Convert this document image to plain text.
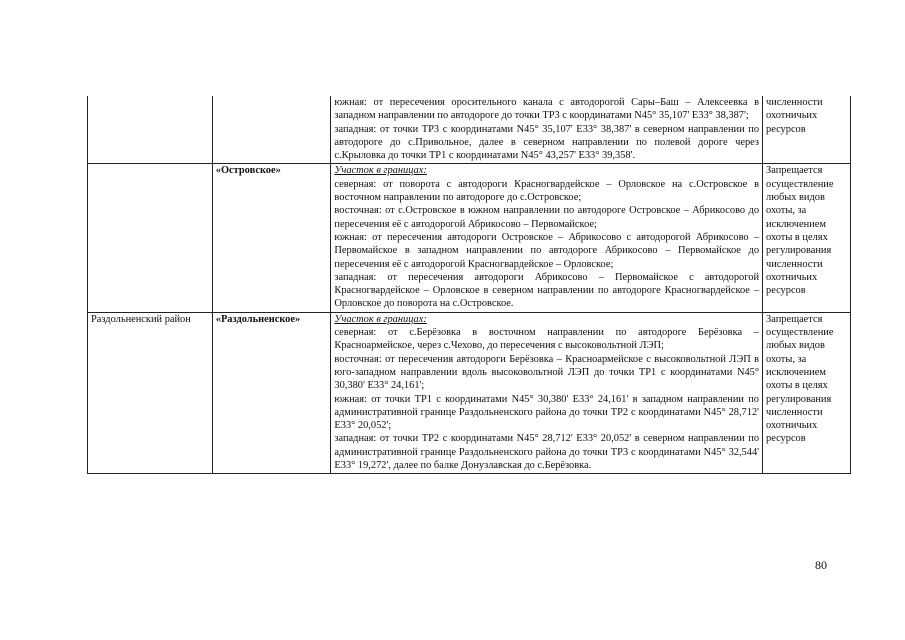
		южная: от пересечения оросительного канала с автодорогой Сары–Баш – Алексеевка в западном направлении по автодороге до точки ТР3 с координатами N45° 35,107' E33° 38,387';
западная: от точки ТР3 с координатами N45° 35,107' E33° 38,387' в северном направлении по автодороге до с.Привольное, далее в северном направлении по полевой дороге через с.Крыловка до точки ТР1 с координатами N45° 43,257' E33° 39,358'.	численности охотничьих ресурсов
	«Островское»	Участок в границах:
северная: от поворота с автодороги Красногвардейское – Орловское на с.Островское в восточном направлении по автодороге до с.Островское;
восточная: от с.Островское в южном направлении по автодороге Островское – Абрикосово до пересечения её с автодорогой Абрикосово – Первомайское;
южная: от пересечения автодороги Островское – Абрикосово с автодорогой Абрикосово – Первомайское в западном направлении по автодороге Абрикосово – Первомайское до пересечения её с автодорогой Красногвардейское – Орловское;
западная: от пересечения автодороги Абрикосово – Первомайское с автодорогой Красногвардейское – Орловское в северном направлении по автодороге Красногвардейское – Орловское до поворота на с.Островское.	Запрещается осуществление любых видов охоты, за исключением охоты в целях регулирования численности охотничьих ресурсов
Раздольненский район	«Раздольненское»	Участок в границах:
северная: от с.Берёзовка в восточном направлении по автодороге Берёзовка – Красноармейское, через с.Чехово, до пересечения с высоковольтной ЛЭП;
восточная: от пересечения автодороги Берёзовка – Красноармейское с высоковольтной ЛЭП в юго-западном направлении вдоль высоковольтной ЛЭП до точки ТР1 с координатами N45° 30,380' E33° 24,161';
южная: от точки ТР1 с координатами N45° 30,380' E33° 24,161' в западном направлении по административной границе Раздольненского района до точки ТР2 с координатами N45° 28,712' E33° 20,052';
западная: от точки ТР2 с координатами N45° 28,712' E33° 20,052' в северном направлении по административной границе Раздольненского района до точки ТР3 с координатами N45° 32,544' E33° 19,272', далее по балке Донузлавская до с.Берёзовка.	Запрещается осуществление любых видов охоты, за исключением охоты в целях регулирования численности охотничьих ресурсов
80
